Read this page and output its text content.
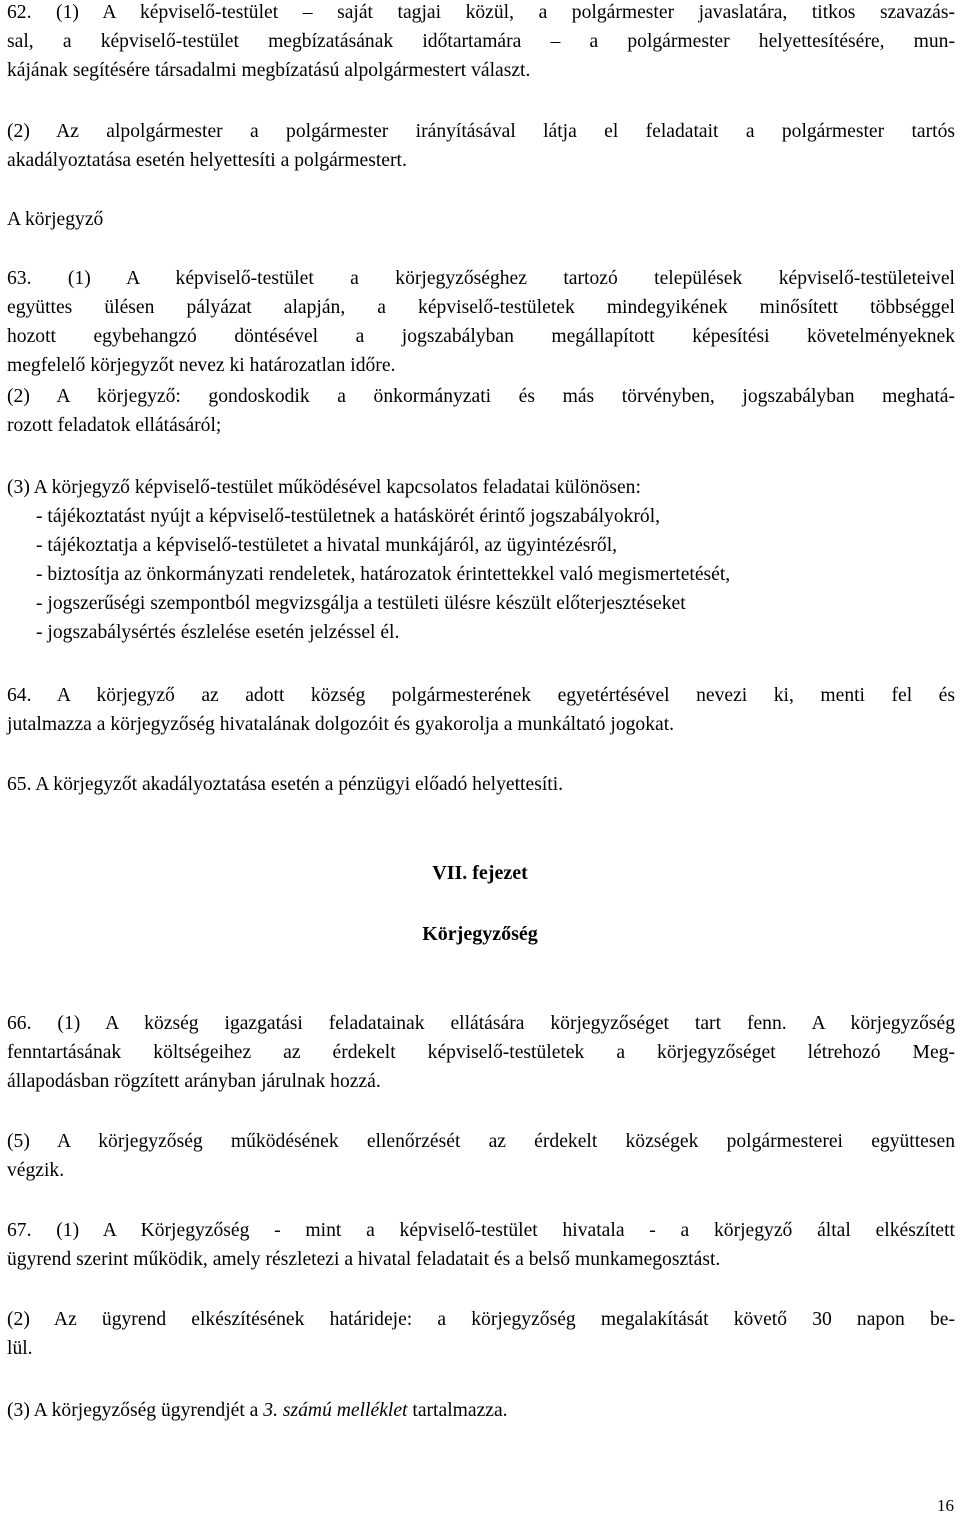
62. (1) A képviselő-testület – saját tagjai közül, a polgármester javaslatára, titkos szavazás-
sal, a képviselő-testület megbízatásának időtartamára – a polgármester helyettesítésére, mun-
kájának segítésére társadalmi megbízatású alpolgármestert választ.
(2) Az alpolgármester a polgármester irányításával látja el feladatait a polgármester tartós
akadályoztatása esetén helyettesíti a polgármestert.
A körjegyző
63. (1) A képviselő-testület a körjegyzőséghez tartozó települések képviselő-testületeivel
együttes ülésen pályázat alapján, a képviselő-testületek mindegyikének minősített többséggel
hozott egybehangzó döntésével a jogszabályban megállapított képesítési követelményeknek
megfelelő körjegyzőt nevez ki határozatlan időre.
(2) A körjegyző: gondoskodik a önkormányzati és más törvényben, jogszabályban meghatá-
rozott feladatok ellátásáról;
(3) A körjegyző képviselő-testület működésével kapcsolatos feladatai különösen:
- tájékoztatást nyújt a képviselő-testületnek a hatáskörét érintő jogszabályokról,
- tájékoztatja a képviselő-testületet a hivatal munkájáról, az ügyintézésről,
- biztosítja az önkormányzati rendeletek, határozatok érintettekkel való megismertetését,
- jogszerűségi szempontból megvizsgálja a testületi ülésre készült előterjesztéseket
- jogszabálysértés észlelése esetén jelzéssel él.
64. A körjegyző az adott község polgármesterének egyetértésével nevezi ki, menti fel és
jutalmazza a körjegyzőség hivatalának dolgozóit és gyakorolja a munkáltató jogokat.
65. A körjegyzőt akadályoztatása esetén a pénzügyi előadó helyettesíti.
VII. fejezet
Körjegyzőség
66. (1) A község igazgatási feladatainak ellátására körjegyzőséget tart fenn. A körjegyzőség
fenntartásának költségeihez az érdekelt képviselő-testületek a körjegyzőséget létrehozó Meg-
állapodásban rögzített arányban járulnak hozzá.
(5) A körjegyzőség működésének ellenőrzését az érdekelt községek polgármesterei együttesen
végzik.
67. (1) A Körjegyzőség - mint a képviselő-testület hivatala - a körjegyző által elkészített
ügyrend szerint működik, amely részletezi a hivatal feladatait és a belső munkamegosztást.
(2) Az ügyrend elkészítésének határideje: a körjegyzőség megalakítását követő 30 napon be-
lül.
(3) A körjegyzőség ügyrendjét a 3. számú melléklet tartalmazza.
16
